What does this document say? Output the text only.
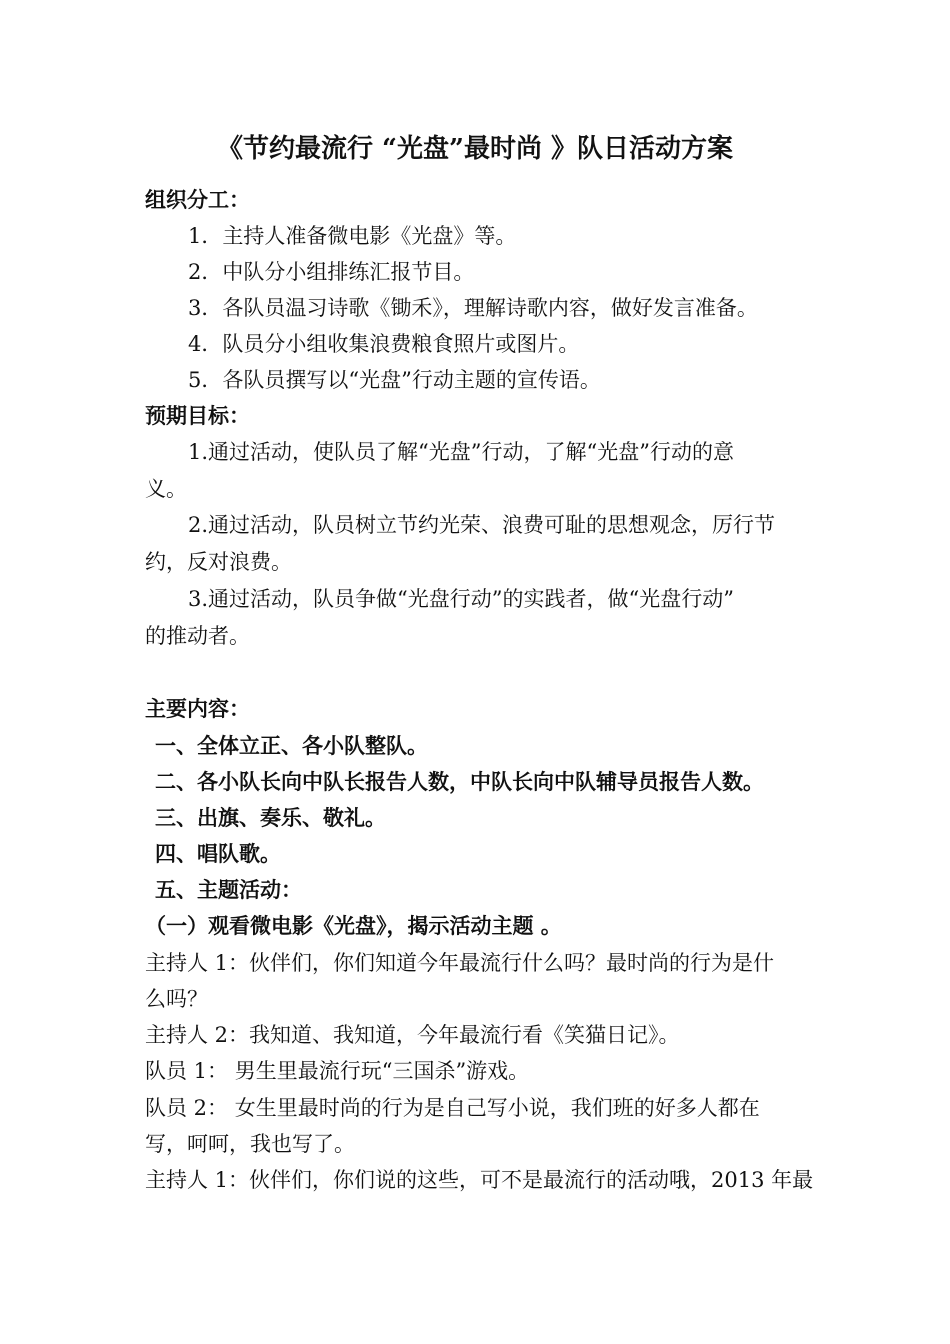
《节约最流行 “光盘”最时尚 》队日活动方案
组织分工：
1．主持人准备微电影《光盘》等。
2．中队分小组排练汇报节目。
3．各队员温习诗歌《锄禾》，理解诗歌内容，做好发言准备。
4．队员分小组收集浪费粮食照片或图片。
5．各队员撰写以“光盘”行动主题的宣传语。
预期目标：
1.通过活动，使队员了解“光盘”行动，了解“光盘”行动的意
义。
2.通过活动，队员树立节约光荣、浪费可耻的思想观念，厉行节
约，反对浪费。
3.通过活动，队员争做“光盘行动”的实践者，做“光盘行动”
的推动者。
主要内容：
一、全体立正、各小队整队。
二、各小队长向中队长报告人数，中队长向中队辅导员报告人数。
三、出旗、奏乐、敬礼。
四、唱队歌。
五、主题活动：
（一）观看微电影《光盘》，揭示活动主题 。
主持人 1：伙伴们，你们知道今年最流行什么吗？最时尚的行为是什
么吗？
主持人 2：我知道、我知道，今年最流行看《笑猫日记》。
队员 1： 男生里最流行玩“三国杀”游戏。
队员 2： 女生里最时尚的行为是自己写小说，我们班的好多人都在
写，呵呵，我也写了。
主持人 1：伙伴们，你们说的这些，可不是最流行的活动哦，2013 年最
